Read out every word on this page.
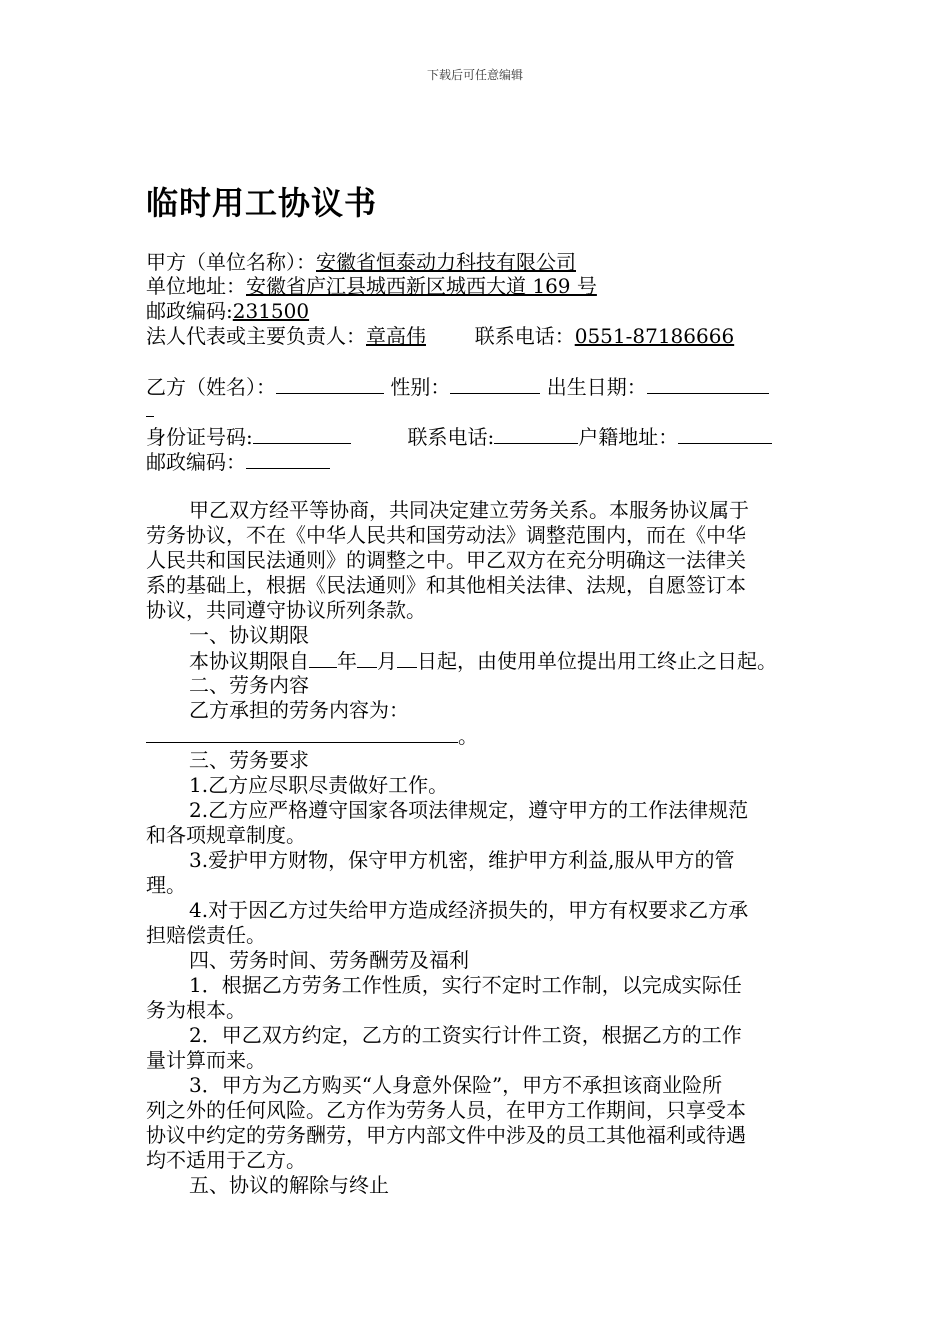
下载后可任意编辑
临时用工协议书
甲方（单位名称）：安徽省恒泰动力科技有限公司
单位地址：安徽省庐江县城西新区城西大道 169 号
邮政编码:231500
法人代表或主要负责人：章高伟 联系电话：0551-87186666
乙方（姓名）：	性别：	出生日期：
身份证号码:	联系电话:	户籍地址：
邮政编码：
甲乙双方经平等协商，共同决定建立劳务关系。本服务协议属于
劳务协议，不在《中华人民共和国劳动法》调整范围内，而在《中华
人民共和国民法通则》的调整之中。甲乙双方在充分明确这一法律关
系的基础上，根据《民法通则》和其他相关法律、法规，自愿签订本
协议，共同遵守协议所列条款。
一、协议期限
本协议期限自 年 月 日起，由使用单位提出用工终止之日起。
二、劳务内容
乙方承担的劳务内容为：
。
三、劳务要求
1.乙方应尽职尽责做好工作。
2.乙方应严格遵守国家各项法律规定，遵守甲方的工作法律规范
和各项规章制度。
3.爱护甲方财物，保守甲方机密，维护甲方利益,服从甲方的管
理。
4.对于因乙方过失给甲方造成经济损失的，甲方有权要求乙方承
担赔偿责任。
四、劳务时间、劳务酬劳及福利
1．根据乙方劳务工作性质，实行不定时工作制，以完成实际任
务为根本。
2．甲乙双方约定，乙方的工资实行计件工资，根据乙方的工作
量计算而来。
3．甲方为乙方购买“人身意外保险”，甲方不承担该商业险所
列之外的任何风险。乙方作为劳务人员，在甲方工作期间，只享受本
协议中约定的劳务酬劳，甲方内部文件中涉及的员工其他福利或待遇
均不适用于乙方。
五、协议的解除与终止
